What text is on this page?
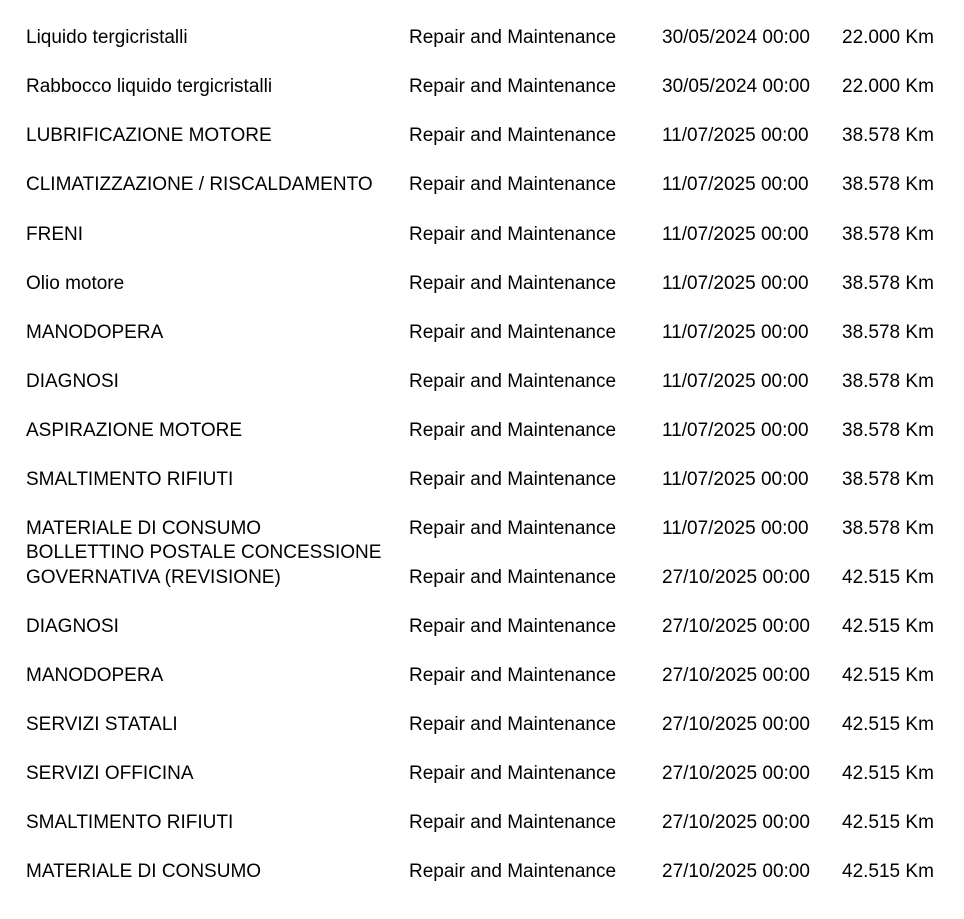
Liquido tergicristalli	Repair and Maintenance 30/05/2024 00:00 22.000 Km
Rabbocco liquido tergicristalli	Repair and Maintenance 30/05/2024 00:00 22.000 Km
LUBRIFICAZIONE MOTORE	Repair and Maintenance 11/07/2025 00:00 38.578 Km
CLIMATIZZAZIONE / RISCALDAMENTO Repair and Maintenance 11/07/2025 00:00 38.578 Km
FRENI	Repair and Maintenance 11/07/2025 00:00 38.578 Km
Olio motore	Repair and Maintenance 11/07/2025 00:00 38.578 Km
MANODOPERA	Repair and Maintenance 11/07/2025 00:00 38.578 Km
DIAGNOSI	Repair and Maintenance 11/07/2025 00:00 38.578 Km
ASPIRAZIONE MOTORE	Repair and Maintenance 11/07/2025 00:00 38.578 Km
SMALTIMENTO RIFIUTI	Repair and Maintenance 11/07/2025 00:00 38.578 Km
MATERIALE DI CONSUMO	Repair and Maintenance 11/07/2025 00:00 38.578 Km
BOLLETTINO POSTALE CONCESSIONE
GOVERNATIVA (REVISIONE)	Repair and Maintenance 27/10/2025 00:00 42.515 Km
DIAGNOSI	Repair and Maintenance 27/10/2025 00:00 42.515 Km
MANODOPERA	Repair and Maintenance 27/10/2025 00:00 42.515 Km
SERVIZI STATALI	Repair and Maintenance 27/10/2025 00:00 42.515 Km
SERVIZI OFFICINA	Repair and Maintenance 27/10/2025 00:00 42.515 Km
SMALTIMENTO RIFIUTI	Repair and Maintenance 27/10/2025 00:00 42.515 Km
MATERIALE DI CONSUMO	Repair and Maintenance 27/10/2025 00:00 42.515 Km
